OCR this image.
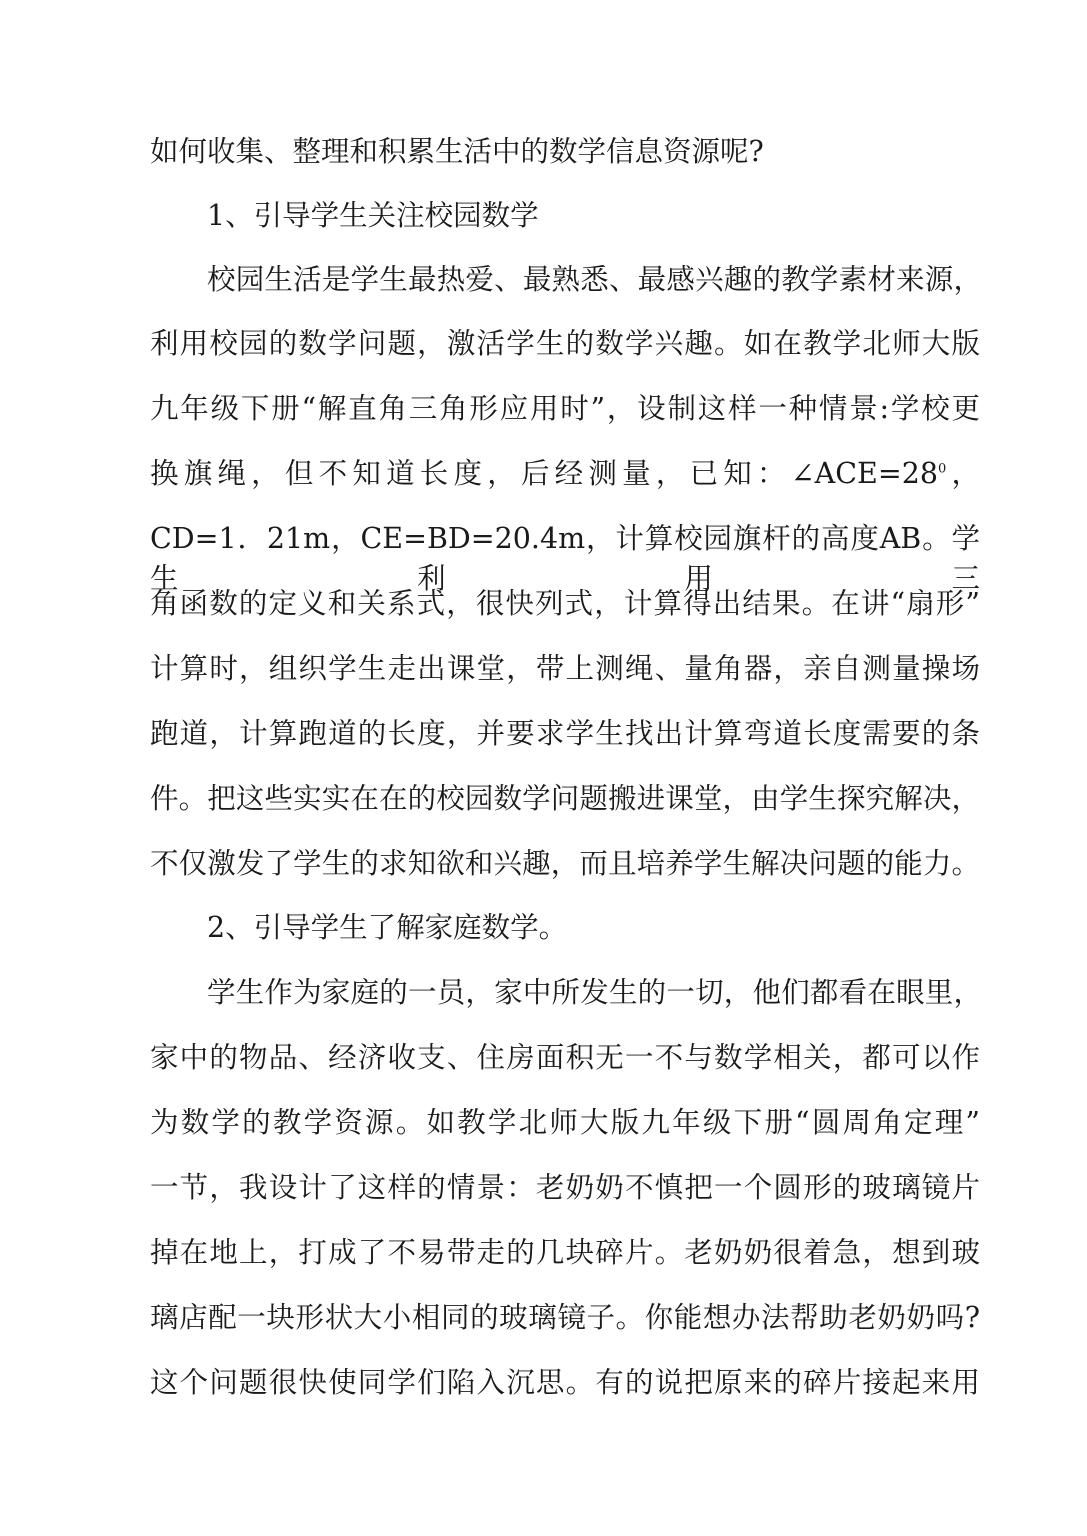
如何收集、整理和积累生活中的数学信息资源呢?
1、引导学生关注校园数学
校园生活是学生最热爱、最熟悉、最感兴趣的教学素材来源，
利用校园的数学问题，激活学生的数学兴趣。如在教学北师大版
九年级下册“解直角三角形应用时”，设制这样一种情景:学校更
换旗绳，但不知道长度，后经测量，已知：$\angle ACE=28^0$，
CD=1．21m，CE=BD=20.4m，计算校园旗杆的高度AB。学生利用三
角函数的定义和关系式，很快列式，计算得出结果。在讲“扇形”
计算时，组织学生走出课堂，带上测绳、量角器，亲自测量操场
跑道，计算跑道的长度，并要求学生找出计算弯道长度需要的条
件。把这些实实在在的校园数学问题搬进课堂，由学生探究解决，
不仅激发了学生的求知欲和兴趣，而且培养学生解决问题的能力。
2、引导学生了解家庭数学。
学生作为家庭的一员，家中所发生的一切，他们都看在眼里，
家中的物品、经济收支、住房面积无一不与数学相关，都可以作
为数学的教学资源。如教学北师大版九年级下册“圆周角定理”
一节，我设计了这样的情景：老奶奶不慎把一个圆形的玻璃镜片
掉在地上，打成了不易带走的几块碎片。老奶奶很着急，想到玻
璃店配一块形状大小相同的玻璃镜子。你能想办法帮助老奶奶吗?
这个问题很快使同学们陷入沉思。有的说把原来的碎片接起来用
